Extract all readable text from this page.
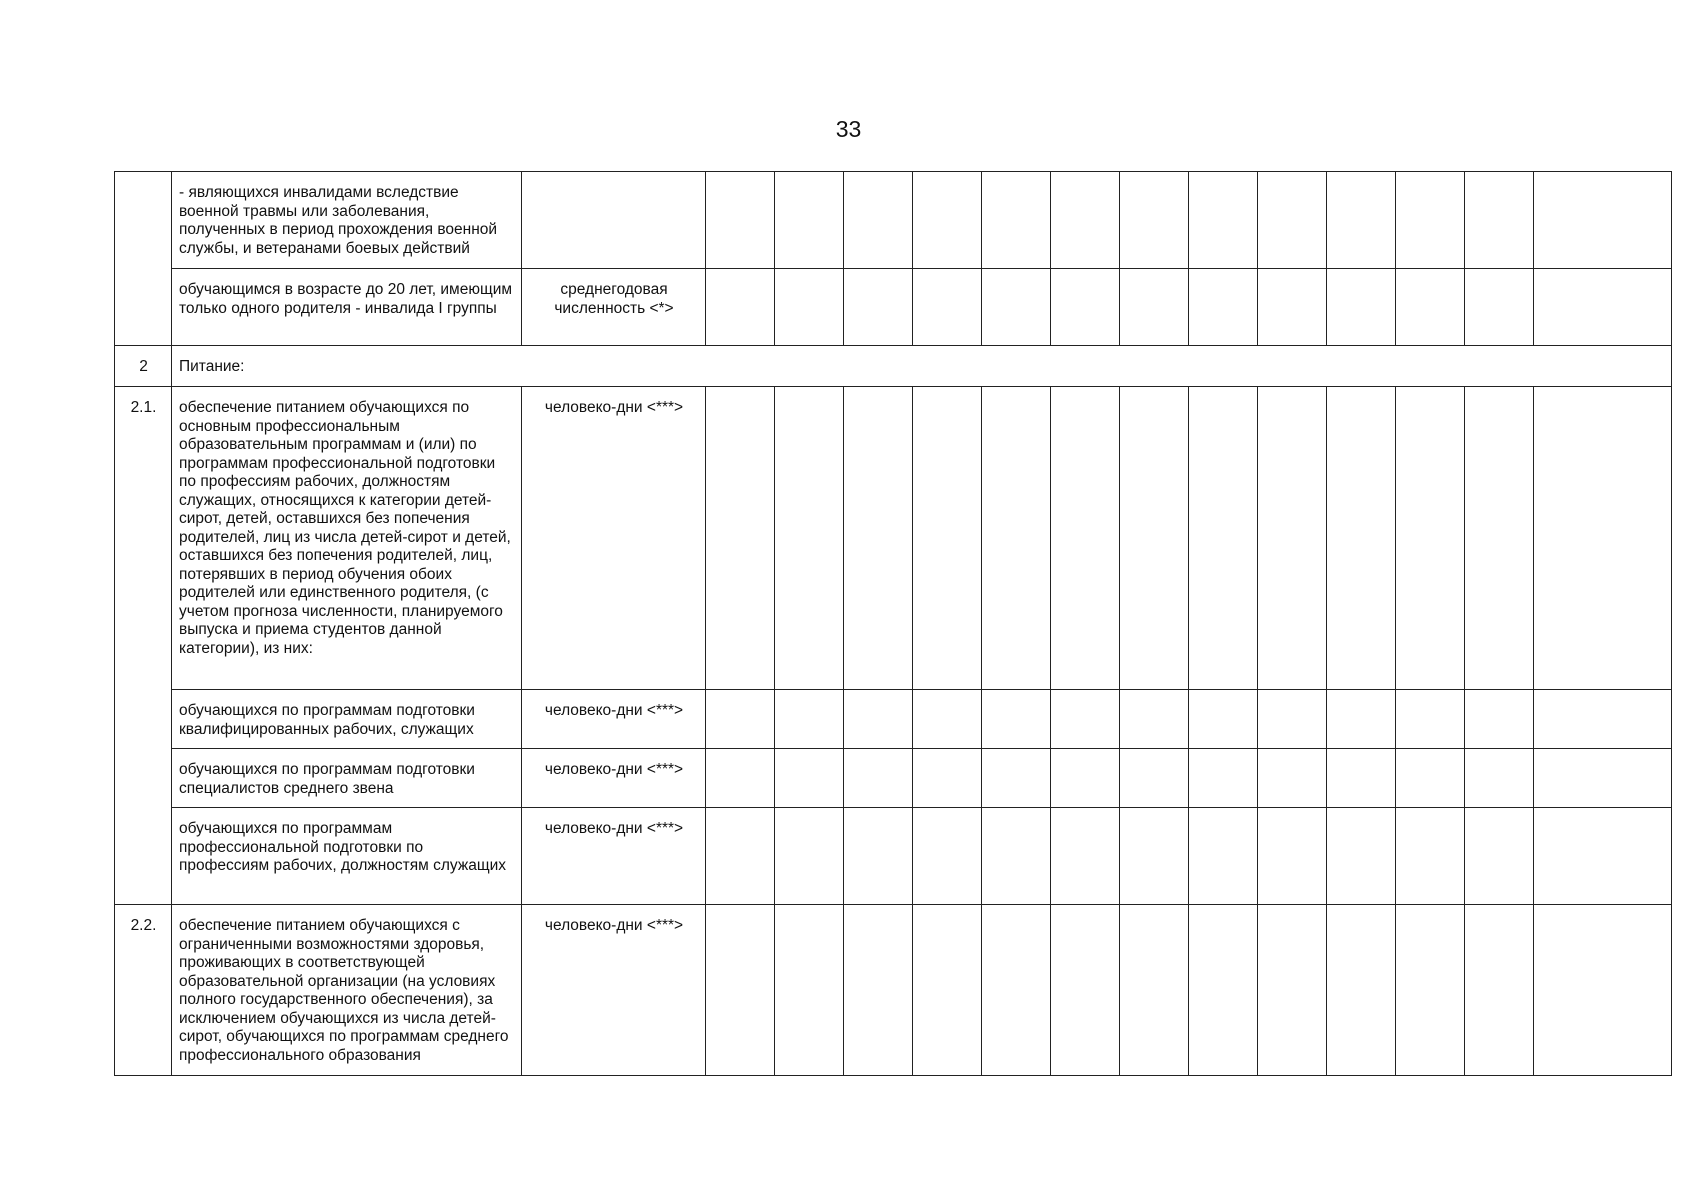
33
	- являющихся инвалидами вследствие военной травмы или заболевания, полученных в период прохождения военной службы, и ветеранами боевых действий														
	обучающимся в возрасте до 20 лет, имеющим только одного родителя - инвалида I группы	среднегодовая численность <*>													
2	Питание:														
2.1.	обеспечение питанием обучающихся по основным профессиональным образовательным программам и (или) по программам профессиональной подготовки по профессиям рабочих, должностям служащих, относящихся к категории детей-сирот, детей, оставшихся без попечения родителей, лиц из числа детей-сирот и детей, оставшихся без попечения родителей, лиц, потерявших в период обучения обоих родителей или единственного родителя, (с учетом прогноза численности, планируемого выпуска и приема студентов данной категории), из них:	человеко-дни <***>													
	обучающихся по программам подготовки квалифицированных рабочих, служащих	человеко-дни <***>													
	обучающихся по программам подготовки специалистов среднего звена	человеко-дни <***>													
	обучающихся по программам профессиональной подготовки по профессиям рабочих, должностям служащих	человеко-дни <***>													
2.2.	обеспечение питанием обучающихся с ограниченными возможностями здоровья, проживающих в соответствующей образовательной организации (на условиях полного государственного обеспечения), за исключением обучающихся из числа детей-сирот, обучающихся по программам среднего профессионального образования	человеко-дни <***>													
